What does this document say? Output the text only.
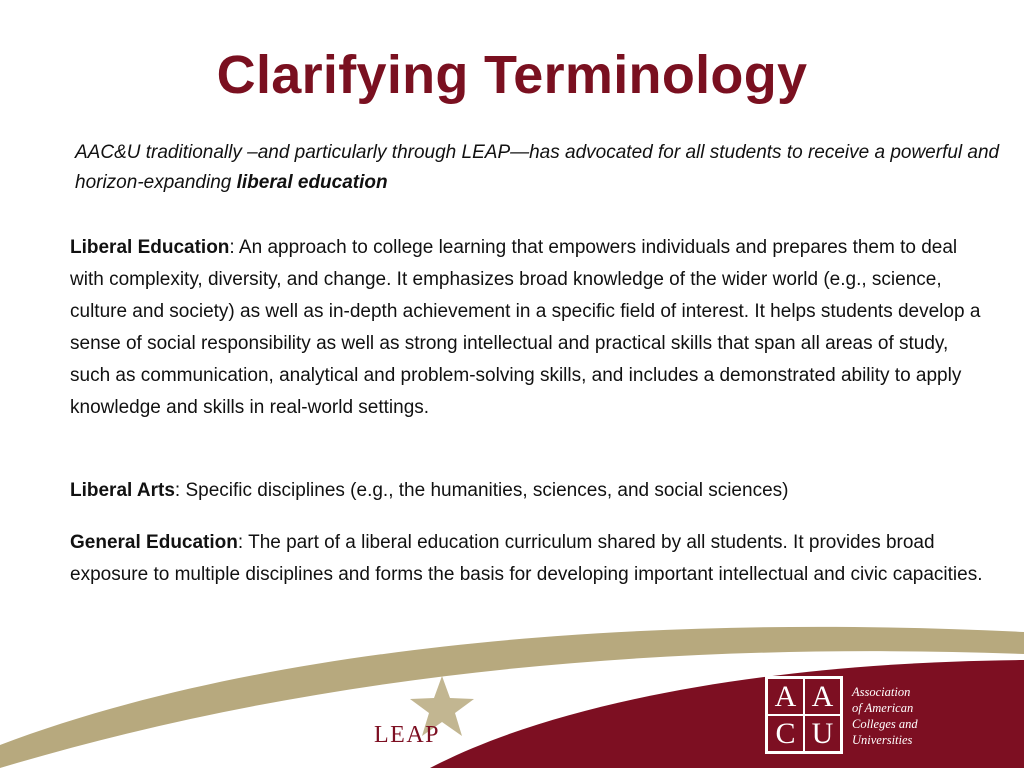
Clarifying Terminology
AAC&U traditionally –and particularly through LEAP—has advocated for all students to receive a powerful and horizon-expanding liberal education
Liberal Education: An approach to college learning that empowers individuals and prepares them to deal with complexity, diversity, and change. It emphasizes broad knowledge of the wider world (e.g., science, culture and society) as well as in-depth achievement in a specific field of interest. It helps students develop a sense of social responsibility as well as strong intellectual and practical skills that span all areas of study, such as communication, analytical and problem-solving skills, and includes a demonstrated ability to apply knowledge and skills in real-world settings.
Liberal Arts: Specific disciplines (e.g., the humanities, sciences, and social sciences)
General Education: The part of a liberal education curriculum shared by all students. It provides broad exposure to multiple disciplines and forms the basis for developing important intellectual and civic capacities.
LEAP
A A
C U
Association
of American
Colleges and
Universities
